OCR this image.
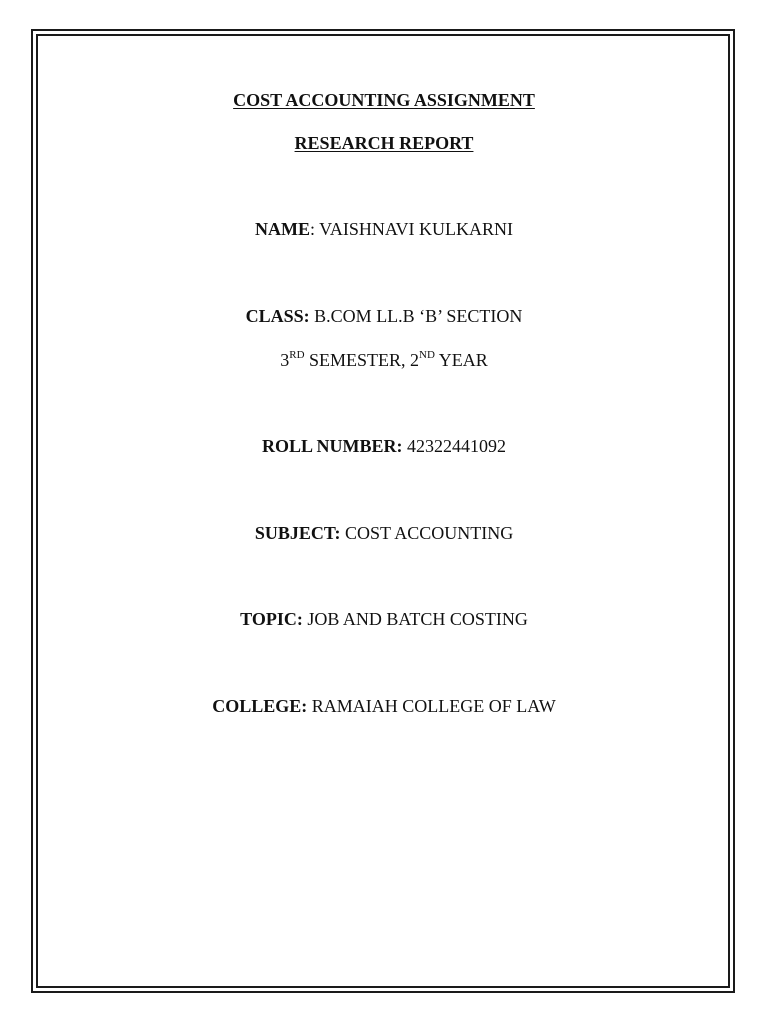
COST ACCOUNTING ASSIGNMENT
RESEARCH REPORT
NAME: VAISHNAVI KULKARNI
CLASS: B.COM LL.B ‘B’ SECTION
3RD SEMESTER, 2ND YEAR
ROLL NUMBER: 42322441092
SUBJECT: COST ACCOUNTING
TOPIC: JOB AND BATCH COSTING
COLLEGE: RAMAIAH COLLEGE OF LAW
